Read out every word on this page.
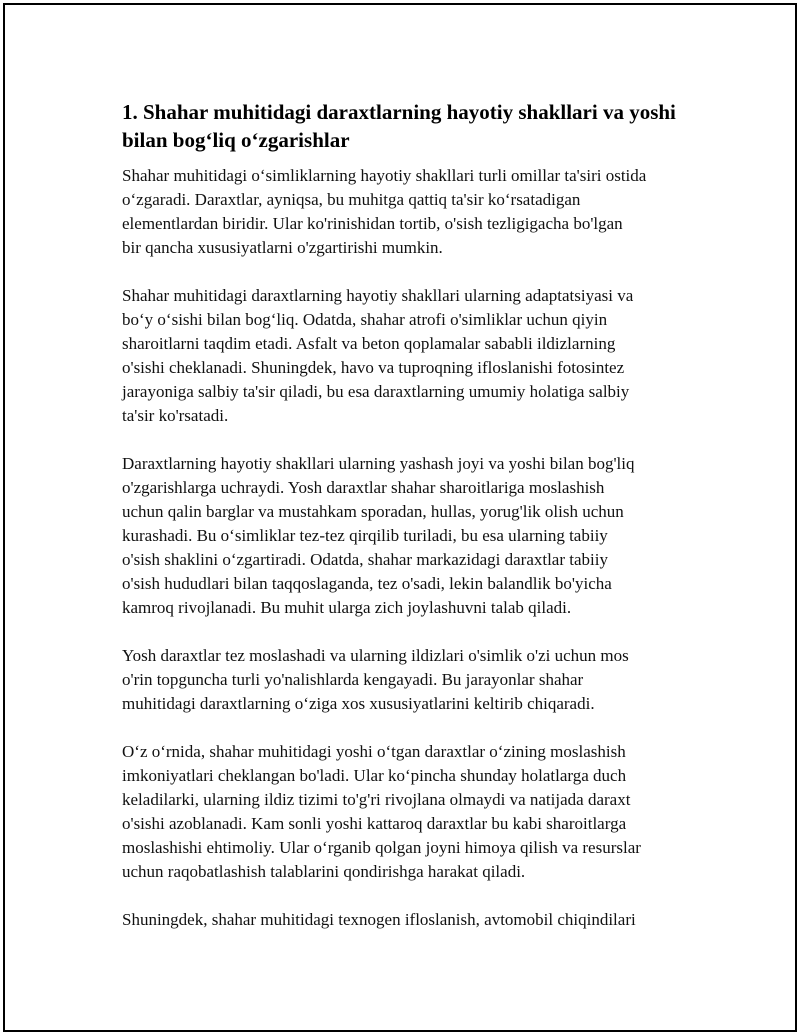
1. Shahar muhitidagi daraxtlarning hayotiy shakllari va yoshi
bilan bog‘liq o‘zgarishlar

Shahar muhitidagi o‘simliklarning hayotiy shakllari turli omillar ta'siri ostida
o‘zgaradi. Daraxtlar, ayniqsa, bu muhitga qattiq ta'sir ko‘rsatadigan
elementlardan biridir. Ular ko'rinishidan tortib, o'sish tezligigacha bo'lgan
bir qancha xususiyatlarni o'zgartirishi mumkin.

Shahar muhitidagi daraxtlarning hayotiy shakllari ularning adaptatsiyasi va
bo‘y o‘sishi bilan bog‘liq. Odatda, shahar atrofi o'simliklar uchun qiyin
sharoitlarni taqdim etadi. Asfalt va beton qoplamalar sababli ildizlarning
o'sishi cheklanadi. Shuningdek, havo va tuproqning ifloslanishi fotosintez
jarayoniga salbiy ta'sir qiladi, bu esa daraxtlarning umumiy holatiga salbiy
ta'sir ko'rsatadi.

Daraxtlarning hayotiy shakllari ularning yashash joyi va yoshi bilan bog'liq
o'zgarishlarga uchraydi. Yosh daraxtlar shahar sharoitlariga moslashish
uchun qalin barglar va mustahkam sporadan, hullas, yorug'lik olish uchun
kurashadi. Bu o‘simliklar tez-tez qirqilib turiladi, bu esa ularning tabiiy
o'sish shaklini o‘zgartiradi. Odatda, shahar markazidagi daraxtlar tabiiy
o'sish hududlari bilan taqqoslaganda, tez o'sadi, lekin balandlik bo'yicha
kamroq rivojlanadi. Bu muhit ularga zich joylashuvni talab qiladi.

Yosh daraxtlar tez moslashadi va ularning ildizlari o'simlik o'zi uchun mos
o'rin topguncha turli yo'nalishlarda kengayadi. Bu jarayonlar shahar
muhitidagi daraxtlarning o‘ziga xos xususiyatlarini keltirib chiqaradi.

O‘z o‘rnida, shahar muhitidagi yoshi o‘tgan daraxtlar o‘zining moslashish
imkoniyatlari cheklangan bo'ladi. Ular ko‘pincha shunday holatlarga duch
keladilarki, ularning ildiz tizimi to'g'ri rivojlana olmaydi va natijada daraxt
o'sishi azoblanadi. Kam sonli yoshi kattaroq daraxtlar bu kabi sharoitlarga
moslashishi ehtimoliy. Ular o‘rganib qolgan joyni himoya qilish va resurslar
uchun raqobatlashish talablarini qondirishga harakat qiladi.

Shuningdek, shahar muhitidagi texnogen ifloslanish, avtomobil chiqindilari
